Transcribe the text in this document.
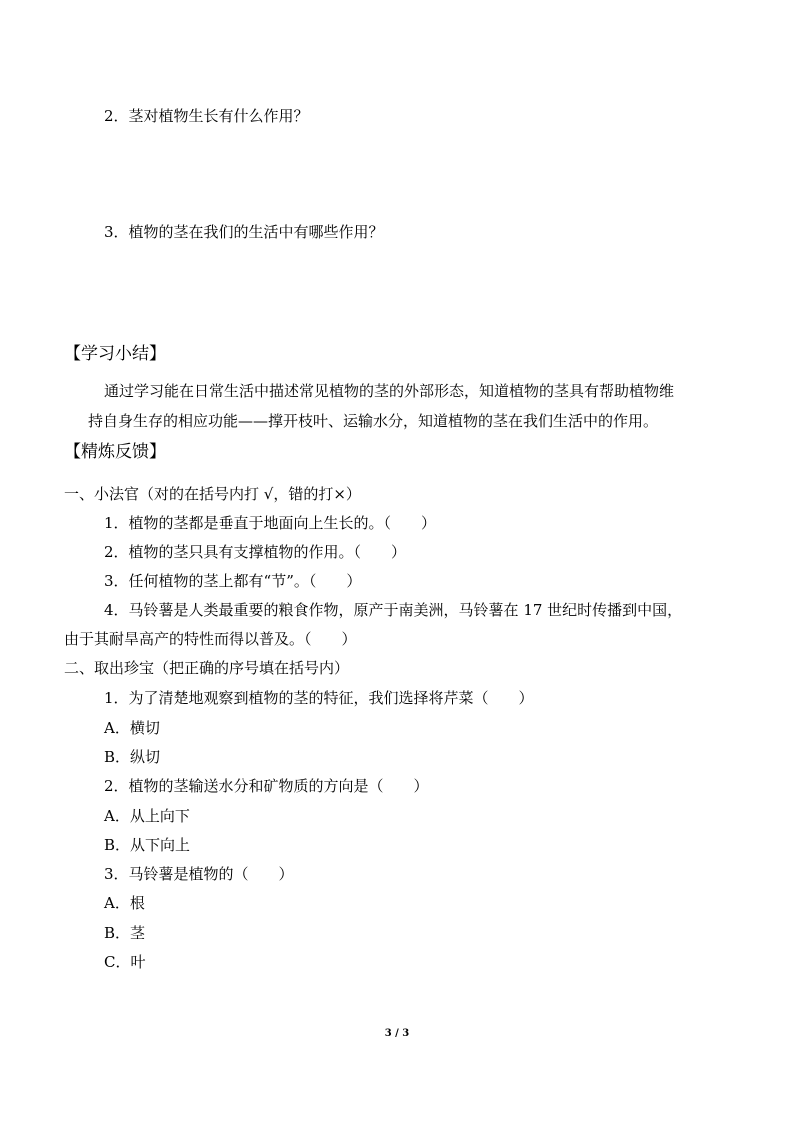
2．茎对植物生长有什么作用？
3．植物的茎在我们的生活中有哪些作用？
【学习小结】
通过学习能在日常生活中描述常见植物的茎的外部形态，知道植物的茎具有帮助植物维
持自身生存的相应功能——撑开枝叶、运输水分，知道植物的茎在我们生活中的作用。
【精炼反馈】
一、小法官（对的在括号内打 √，错的打×）
1．植物的茎都是垂直于地面向上生长的。（　　）
2．植物的茎只具有支撑植物的作用。（　　）
3．任何植物的茎上都有“节”。（　　）
4．马铃薯是人类最重要的粮食作物，原产于南美洲，马铃薯在 17 世纪时传播到中国，
由于其耐旱高产的特性而得以普及。（　　）
二、取出珍宝（把正确的序号填在括号内）
1．为了清楚地观察到植物的茎的特征，我们选择将芹菜（　　）
A．横切
B．纵切
2．植物的茎输送水分和矿物质的方向是（　　）
A．从上向下
B．从下向上
3．马铃薯是植物的（　　）
A．根
B．茎
C．叶
3 / 3
